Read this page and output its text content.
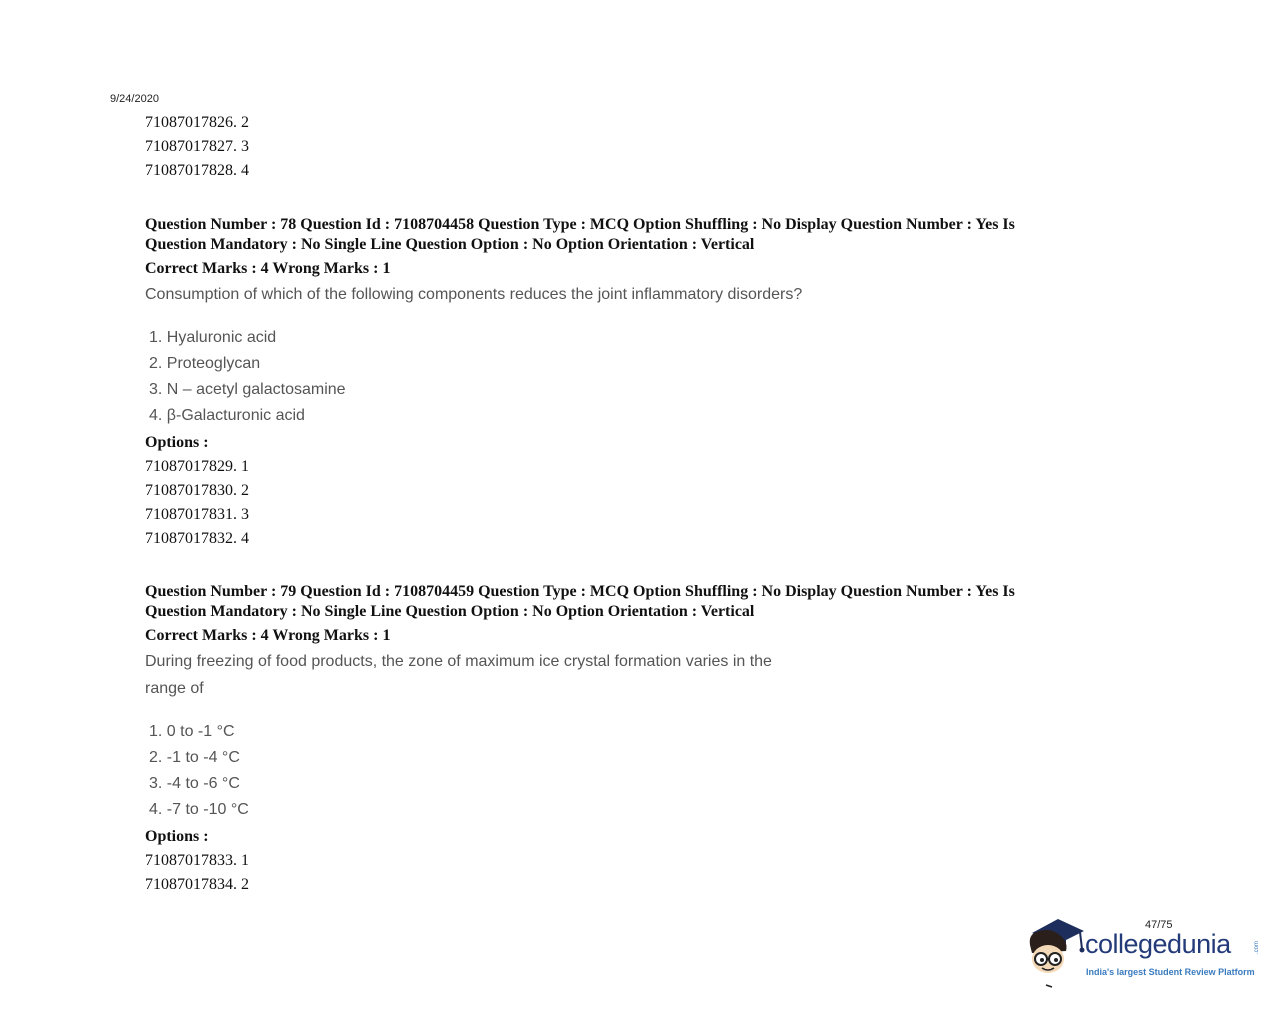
9/24/2020
71087017826. 2
71087017827. 3
71087017828. 4
Question Number : 78 Question Id : 7108704458 Question Type : MCQ Option Shuffling : No Display Question Number : Yes Is
Question Mandatory : No Single Line Question Option : No Option Orientation : Vertical
Correct Marks : 4 Wrong Marks : 1
Consumption of which of the following components reduces the joint inflammatory disorders?
1. Hyaluronic acid
2. Proteoglycan
3. N – acetyl galactosamine
4. β-Galacturonic acid
Options :
71087017829. 1
71087017830. 2
71087017831. 3
71087017832. 4
Question Number : 79 Question Id : 7108704459 Question Type : MCQ Option Shuffling : No Display Question Number : Yes Is
Question Mandatory : No Single Line Question Option : No Option Orientation : Vertical
Correct Marks : 4 Wrong Marks : 1
During freezing of food products, the zone of maximum ice crystal formation varies in the
range of
1. 0 to -1 °C
2. -1 to -4 °C
3. -4 to -6 °C
4. -7 to -10 °C
Options :
71087017833. 1
71087017834. 2
47/75
collegedunia	.com
India's largest Student Review Platform
